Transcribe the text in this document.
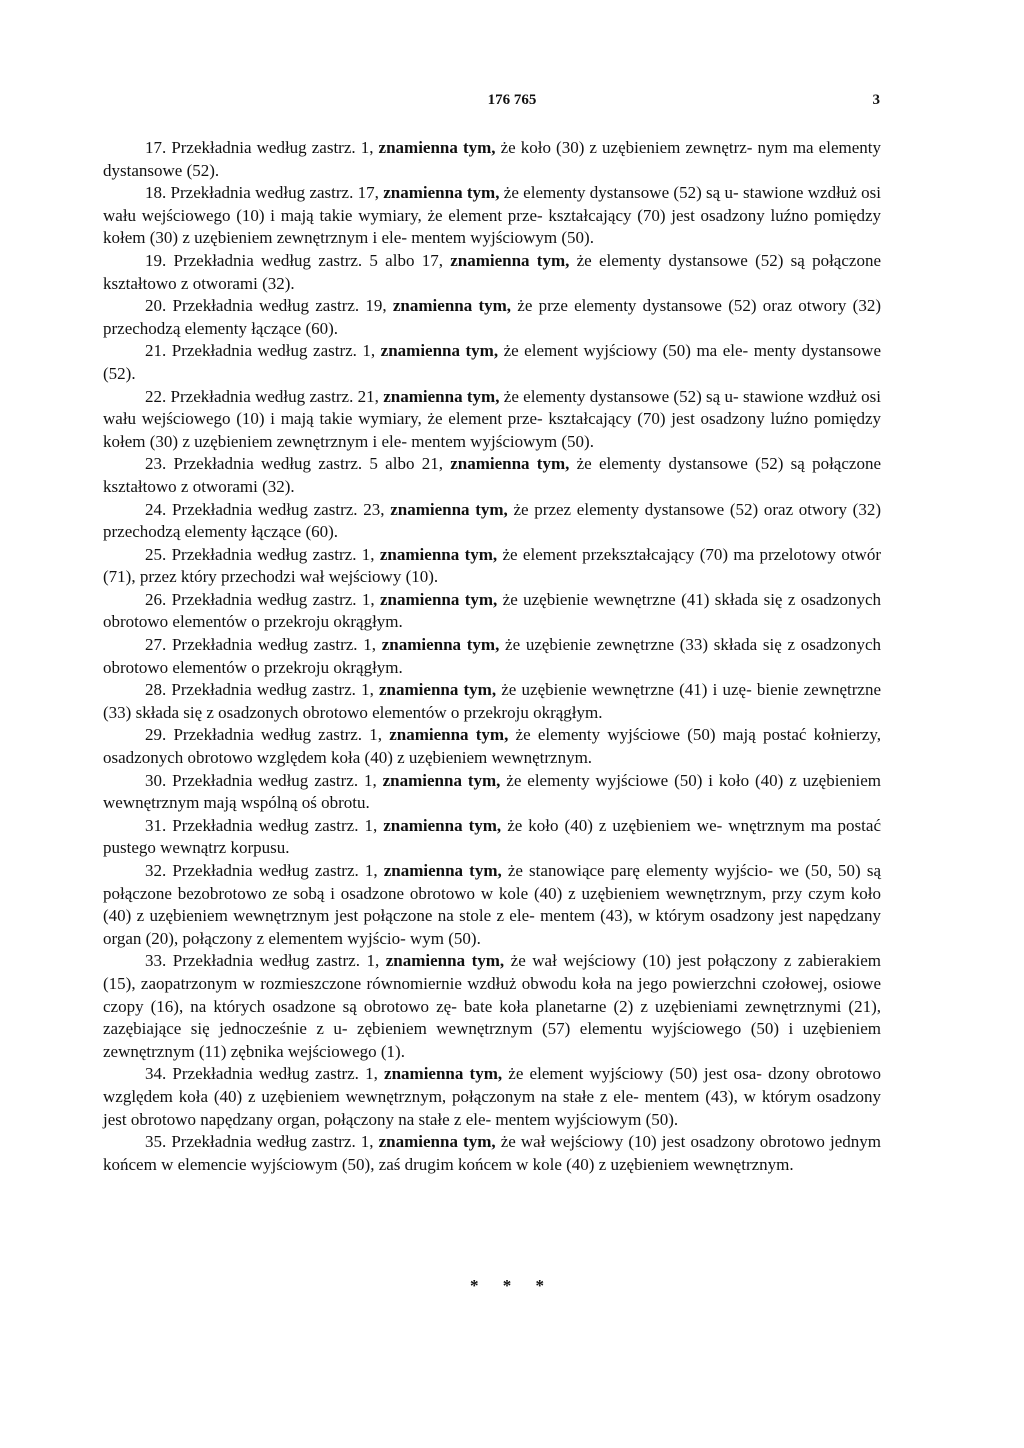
176 765	3

17. Przekładnia według zastrz. 1, znamienna tym, że koło (30) z uzębieniem zewnętrz- nym ma elementy dystansowe (52).

18. Przekładnia według zastrz. 17, znamienna tym, że elementy dystansowe (52) są u- stawione wzdłuż osi wału wejściowego (10) i mają takie wymiary, że element prze- kształcający (70) jest osadzony luźno pomiędzy kołem (30) z uzębieniem zewnętrznym i ele- mentem wyjściowym (50).

19. Przekładnia według zastrz. 5 albo 17, znamienna tym, że elementy dystansowe (52) są połączone kształtowo z otworami (32).

20. Przekładnia według zastrz. 19, znamienna tym, że prze elementy dystansowe (52) oraz otwory (32) przechodzą elementy łączące (60).

21. Przekładnia według zastrz. 1, znamienna tym, że element wyjściowy (50) ma ele- menty dystansowe (52).

22. Przekładnia według zastrz. 21, znamienna tym, że elementy dystansowe (52) są u- stawione wzdłuż osi wału wejściowego (10) i mają takie wymiary, że element prze- kształcający (70) jest osadzony luźno pomiędzy kołem (30) z uzębieniem zewnętrznym i ele- mentem wyjściowym (50).

23. Przekładnia według zastrz. 5 albo 21, znamienna tym, że elementy dystansowe (52) są połączone kształtowo z otworami (32).

24. Przekładnia według zastrz. 23, znamienna tym, że przez elementy dystansowe (52) oraz otwory (32) przechodzą elementy łączące (60).

25. Przekładnia według zastrz. 1, znamienna tym, że element przekształcający (70) ma przelotowy otwór (71), przez który przechodzi wał wejściowy (10).

26. Przekładnia według zastrz. 1, znamienna tym, że uzębienie wewnętrzne (41) składa się z osadzonych obrotowo elementów o przekroju okrągłym.

27. Przekładnia według zastrz. 1, znamienna tym, że uzębienie zewnętrzne (33) składa się z osadzonych obrotowo elementów o przekroju okrągłym.

28. Przekładnia według zastrz. 1, znamienna tym, że uzębienie wewnętrzne (41) i uzę- bienie zewnętrzne (33) składa się z osadzonych obrotowo elementów o przekroju okrągłym.

29. Przekładnia według zastrz. 1, znamienna tym, że elementy wyjściowe (50) mają postać kołnierzy, osadzonych obrotowo względem koła (40) z uzębieniem wewnętrznym.

30. Przekładnia według zastrz. 1, znamienna tym, że elementy wyjściowe (50) i koło (40) z uzębieniem wewnętrznym mają wspólną oś obrotu.

31. Przekładnia według zastrz. 1, znamienna tym, że koło (40) z uzębieniem we- wnętrznym ma postać pustego wewnątrz korpusu.

32. Przekładnia według zastrz. 1, znamienna tym, że stanowiące parę elementy wyjścio- we (50, 50) są połączone bezobrotowo ze sobą i osadzone obrotowo w kole (40) z uzębieniem wewnętrznym, przy czym koło (40) z uzębieniem wewnętrznym jest połączone na stole z ele- mentem (43), w którym osadzony jest napędzany organ (20), połączony z elementem wyjścio- wym (50).

33. Przekładnia według zastrz. 1, znamienna tym, że wał wejściowy (10) jest połączony z zabierakiem (15), zaopatrzonym w rozmieszczone równomiernie wzdłuż obwodu koła na jego powierzchni czołowej, osiowe czopy (16), na których osadzone są obrotowo zę- bate koła planetarne (2) z uzębieniami zewnętrznymi (21), zazębiające się jednocześnie z u- zębieniem wewnętrznym (57) elementu wyjściowego (50) i uzębieniem zewnętrznym (11) zębnika wejściowego (1).

34. Przekładnia według zastrz. 1, znamienna tym, że element wyjściowy (50) jest osa- dzony obrotowo względem koła (40) z uzębieniem wewnętrznym, połączonym na stałe z ele- mentem (43), w którym osadzony jest obrotowo napędzany organ, połączony na stałe z ele- mentem wyjściowym (50).

35. Przekładnia według zastrz. 1, znamienna tym, że wał wejściowy (10) jest osadzony obrotowo jednym końcem w elemencie wyjściowym (50), zaś drugim końcem w kole (40) z uzębieniem wewnętrznym.

* * *
